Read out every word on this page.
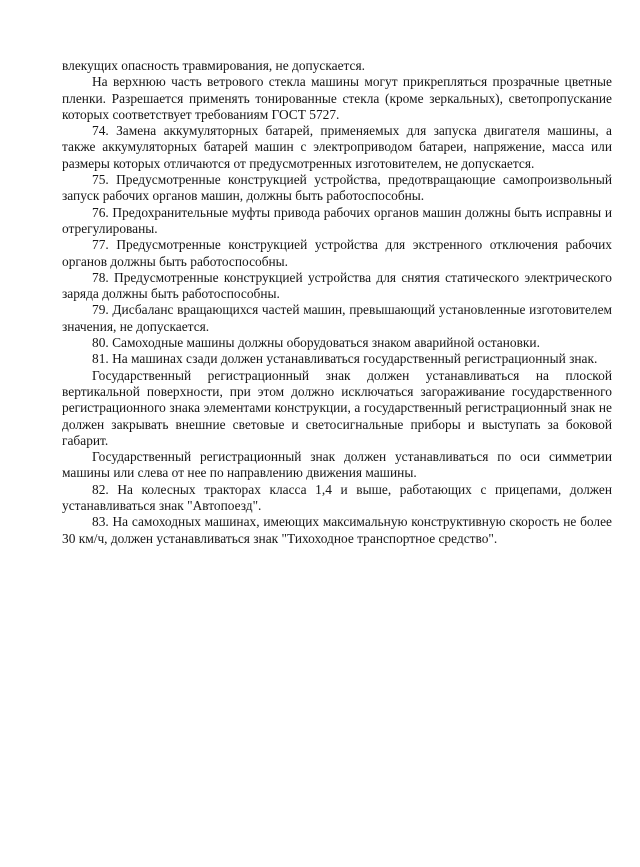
влекущих опасность травмирования, не допускается.

На верхнюю часть ветрового стекла машины могут прикрепляться прозрачные цветные пленки. Разрешается применять тонированные стекла (кроме зеркальных), светопропускание которых соответствует требованиям ГОСТ 5727.

74. Замена аккумуляторных батарей, применяемых для запуска двигателя машины, а также аккумуляторных батарей машин с электроприводом батареи, напряжение, масса или размеры которых отличаются от предусмотренных изготовителем, не допускается.

75. Предусмотренные конструкцией устройства, предотвращающие самопроизвольный запуск рабочих органов машин, должны быть работоспособны.

76. Предохранительные муфты привода рабочих органов машин должны быть исправны и отрегулированы.

77. Предусмотренные конструкцией устройства для экстренного отключения рабочих органов должны быть работоспособны.

78. Предусмотренные конструкцией устройства для снятия статического электрического заряда должны быть работоспособны.

79. Дисбаланс вращающихся частей машин, превышающий установленные изготовителем значения, не допускается.

80. Самоходные машины должны оборудоваться знаком аварийной остановки.

81. На машинах сзади должен устанавливаться государственный регистрационный знак.

Государственный регистрационный знак должен устанавливаться на плоской вертикальной поверхности, при этом должно исключаться загораживание государственного регистрационного знака элементами конструкции, а государственный регистрационный знак не должен закрывать внешние световые и светосигнальные приборы и выступать за боковой габарит.

Государственный регистрационный знак должен устанавливаться по оси симметрии машины или слева от нее по направлению движения машины.

82. На колесных тракторах класса 1,4 и выше, работающих с прицепами, должен устанавливаться знак "Автопоезд".

83. На самоходных машинах, имеющих максимальную конструктивную скорость не более 30 км/ч, должен устанавливаться знак "Тихоходное транспортное средство".
